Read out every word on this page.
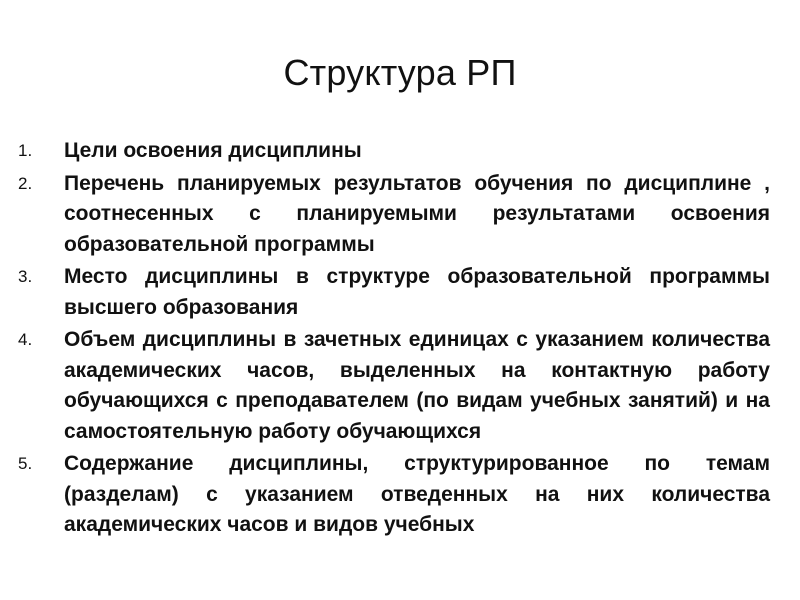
Структура РП
1.	Цели освоения дисциплины
2.	Перечень планируемых результатов обучения по дисциплине , соотнесенных с планируемыми результатами освоения образовательной программы
3.	Место дисциплины в структуре образовательной программы высшего образования
4.	Объем дисциплины в зачетных единицах с указанием количества академических часов, выделенных на контактную работу обучающихся с преподавателем (по видам учебных занятий) и на самостоятельную работу обучающихся
5.	Содержание дисциплины, структурированное по темам (разделам) с указанием отведенных на них количества академических часов и видов учебных
